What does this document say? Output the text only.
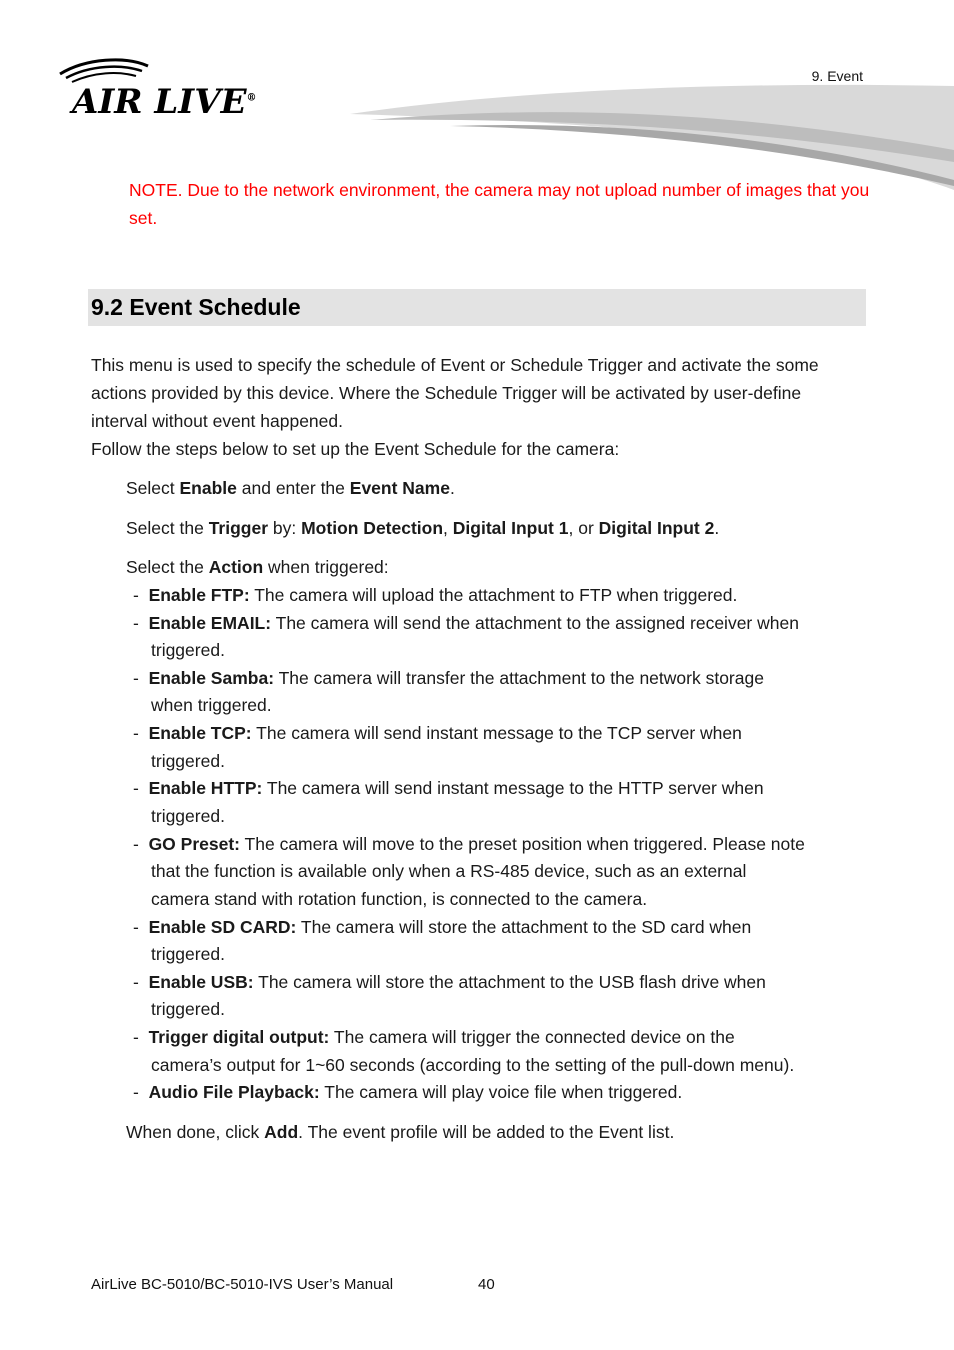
AIR LIVE®
9. Event
NOTE. Due to the network environment, the camera may not upload number of images that you set.
9.2 Event Schedule
This menu is used to specify the schedule of Event or Schedule Trigger and activate the some actions provided by this device. Where the Schedule Trigger will be activated by user-define interval without event happened.
Follow the steps below to set up the Event Schedule for the camera:
Select Enable and enter the Event Name.
Select the Trigger by: Motion Detection, Digital Input 1, or Digital Input 2.
Select the Action when triggered:
- Enable FTP: The camera will upload the attachment to FTP when triggered.
- Enable EMAIL: The camera will send the attachment to the assigned receiver when
triggered.
- Enable Samba: The camera will transfer the attachment to the network storage
when triggered.
- Enable TCP: The camera will send instant message to the TCP server when
triggered.
- Enable HTTP: The camera will send instant message to the HTTP server when
triggered.
- GO Preset: The camera will move to the preset position when triggered. Please note
that the function is available only when a RS-485 device, such as an external
camera stand with rotation function, is connected to the camera.
- Enable SD CARD: The camera will store the attachment to the SD card when
triggered.
- Enable USB: The camera will store the attachment to the USB flash drive when
triggered.
- Trigger digital output: The camera will trigger the connected device on the
camera’s output for 1~60 seconds (according to the setting of the pull-down menu).
- Audio File Playback: The camera will play voice file when triggered.
When done, click Add. The event profile will be added to the Event list.
AirLive BC-5010/BC-5010-IVS User’s Manual	40
